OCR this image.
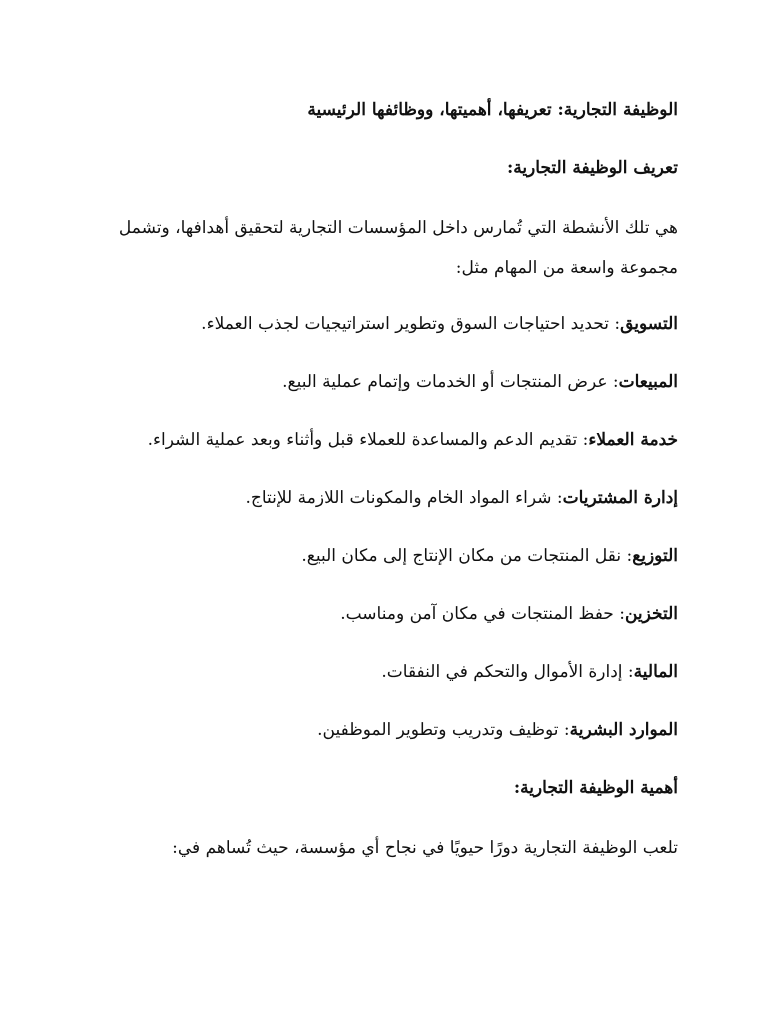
الوظيفة التجارية: تعريفها، أهميتها، ووظائفها الرئيسية
تعريف الوظيفة التجارية:
هي تلك الأنشطة التي تُمارس داخل المؤسسات التجارية لتحقيق أهدافها، وتشمل مجموعة واسعة من المهام مثل:
التسويق: تحديد احتياجات السوق وتطوير استراتيجيات لجذب العملاء.
المبيعات: عرض المنتجات أو الخدمات وإتمام عملية البيع.
خدمة العملاء: تقديم الدعم والمساعدة للعملاء قبل وأثناء وبعد عملية الشراء.
إدارة المشتريات: شراء المواد الخام والمكونات اللازمة للإنتاج.
التوزيع: نقل المنتجات من مكان الإنتاج إلى مكان البيع.
التخزين: حفظ المنتجات في مكان آمن ومناسب.
المالية: إدارة الأموال والتحكم في النفقات.
الموارد البشرية: توظيف وتدريب وتطوير الموظفين.
أهمية الوظيفة التجارية:
تلعب الوظيفة التجارية دورًا حيويًا في نجاح أي مؤسسة، حيث تُساهم في:
